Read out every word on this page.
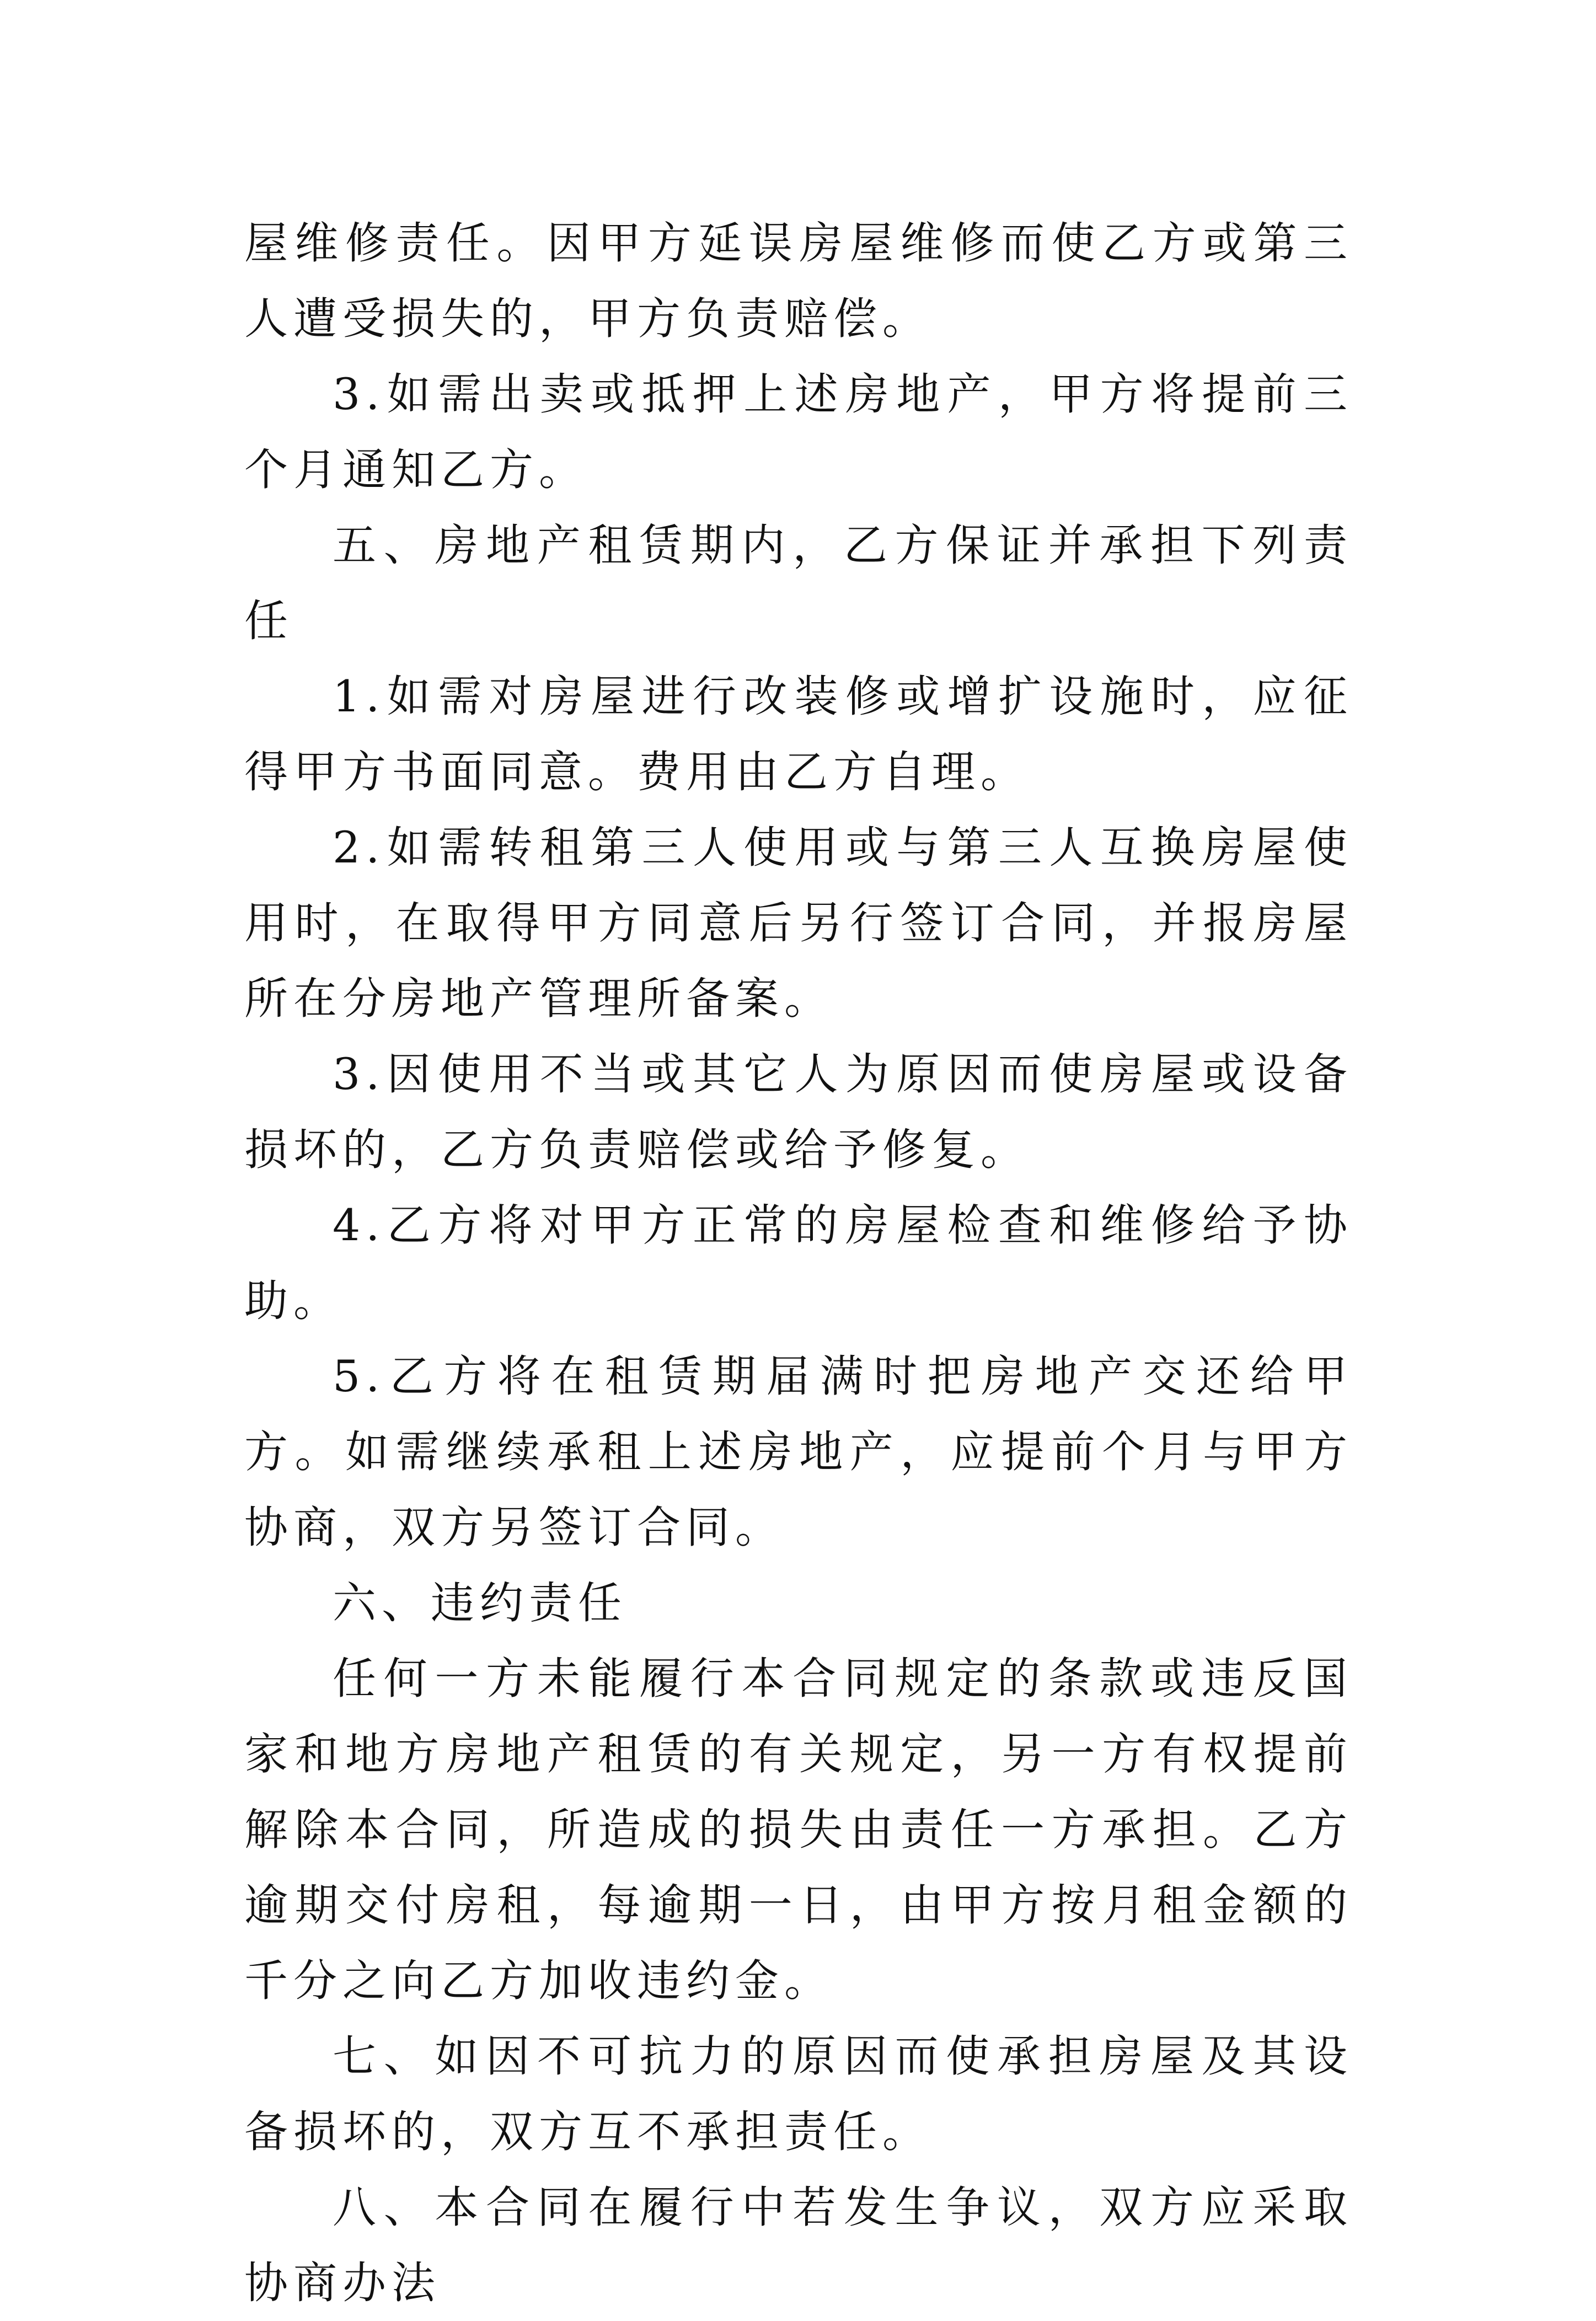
屋维修责任。因甲方延误房屋维修而使乙方或第三人遭受损失的，甲方负责赔偿。

3.如需出卖或抵押上述房地产，甲方将提前三个月通知乙方。

五、房地产租赁期内，乙方保证并承担下列责任

1.如需对房屋进行改装修或增扩设施时，应征得甲方书面同意。费用由乙方自理。

2.如需转租第三人使用或与第三人互换房屋使用时，在取得甲方同意后另行签订合同，并报房屋所在分房地产管理所备案。

3.因使用不当或其它人为原因而使房屋或设备损坏的，乙方负责赔偿或给予修复。

4.乙方将对甲方正常的房屋检查和维修给予协助。

5.乙方将在租赁期届满时把房地产交还给甲方。如需继续承租上述房地产，应提前个月与甲方协商，双方另签订合同。

六、违约责任

任何一方未能履行本合同规定的条款或违反国家和地方房地产租赁的有关规定，另一方有权提前解除本合同，所造成的损失由责任一方承担。乙方逾期交付房租，每逾期一日，由甲方按月租金额的千分之向乙方加收违约金。

七、如因不可抗力的原因而使承担房屋及其设备损坏的，双方互不承担责任。

八、本合同在履行中若发生争议，双方应采取协商办法
